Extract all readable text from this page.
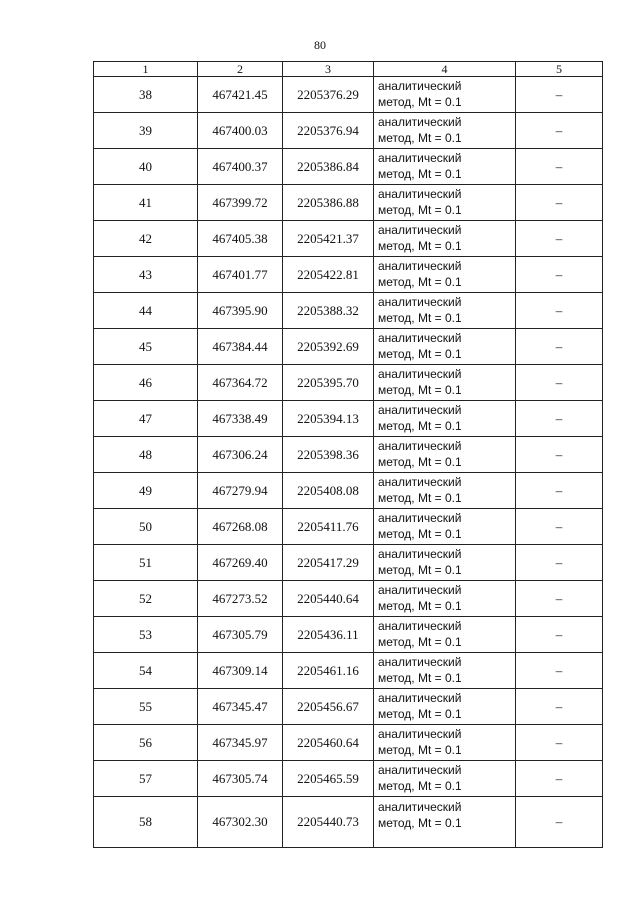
80
1	2	3	4	5
38	467421.45	2205376.29	аналитический
метод, Mt = 0.1	–
39	467400.03	2205376.94	аналитический
метод, Mt = 0.1	–
40	467400.37	2205386.84	аналитический
метод, Mt = 0.1	–
41	467399.72	2205386.88	аналитический
метод, Mt = 0.1	–
42	467405.38	2205421.37	аналитический
метод, Mt = 0.1	–
43	467401.77	2205422.81	аналитический
метод, Mt = 0.1	–
44	467395.90	2205388.32	аналитический
метод, Mt = 0.1	–
45	467384.44	2205392.69	аналитический
метод, Mt = 0.1	–
46	467364.72	2205395.70	аналитический
метод, Mt = 0.1	–
47	467338.49	2205394.13	аналитический
метод, Mt = 0.1	–
48	467306.24	2205398.36	аналитический
метод, Mt = 0.1	–
49	467279.94	2205408.08	аналитический
метод, Mt = 0.1	–
50	467268.08	2205411.76	аналитический
метод, Mt = 0.1	–
51	467269.40	2205417.29	аналитический
метод, Mt = 0.1	–
52	467273.52	2205440.64	аналитический
метод, Mt = 0.1	–
53	467305.79	2205436.11	аналитический
метод, Mt = 0.1	–
54	467309.14	2205461.16	аналитический
метод, Mt = 0.1	–
55	467345.47	2205456.67	аналитический
метод, Mt = 0.1	–
56	467345.97	2205460.64	аналитический
метод, Mt = 0.1	–
57	467305.74	2205465.59	аналитический
метод, Mt = 0.1	–
58	467302.30	2205440.73	аналитический
метод, Mt = 0.1	–
